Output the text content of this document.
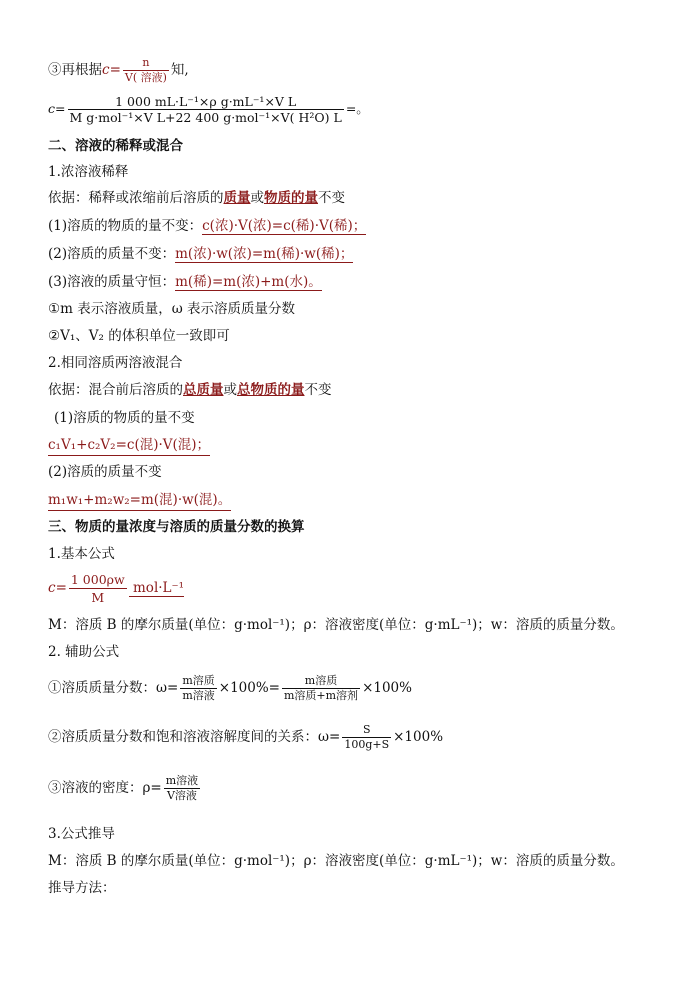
③再根据$c= \frac{n}{\text{V( 溶液)}}$ 知,
$c= \frac{\text{1 000 mL·L⁻¹×ρ g·mL⁻¹×V L}}{\text{M g·mol⁻¹×V L+22 400 g·mol⁻¹×V( H²O) L}}$ =。
二、溶液的稀释或混合
1.浓溶液稀释
依据：稀释或浓缩前后溶质的质量或物质的量不变
(1)溶质的物质的量不变：c(浓)·V(浓)=c(稀)·V(稀)；
(2)溶质的质量不变：m(浓)·w(浓)=m(稀)·w(稀)；
(3)溶液的质量守恒：m(稀)=m(浓)+m(水)。
①m 表示溶液质量，ω 表示溶质质量分数
②V₁、V₂ 的体积单位一致即可
2.相同溶质两溶液混合
依据：混合前后溶质的总质量或总物质的量不变
(1)溶质的物质的量不变
c₁V₁+c₂V₂=c(混)·V(混)；
(2)溶质的质量不变
m₁w₁+m₂w₂=m(混)·w(混)。
三、物质的量浓度与溶质的质量分数的换算
1.基本公式
$c= \frac{1 000\rho w}{M} mol\cdot L^{-1}$
M：溶质 B 的摩尔质量(单位：g·mol⁻¹)；ρ：溶液密度(单位：g·mL⁻¹)；w：溶质的质量分数。
2. 辅助公式
①溶质质量分数：$\omega= \frac{\text{m溶质}}{\text{m溶液}} \times 100\%= \frac{\text{m溶质}}{\text{m溶质+m溶剂}} \times 100\%$
②溶质质量分数和饱和溶液溶解度间的关系：$\omega= \frac{S}{100g+S} \times 100\%$
③溶液的密度：$\rho= \frac{\text{m溶液}}{\text{V溶液}}$
3.公式推导
M：溶质 B 的摩尔质量(单位：g·mol⁻¹)；ρ：溶液密度(单位：g·mL⁻¹)；w：溶质的质量分数。
推导方法：
